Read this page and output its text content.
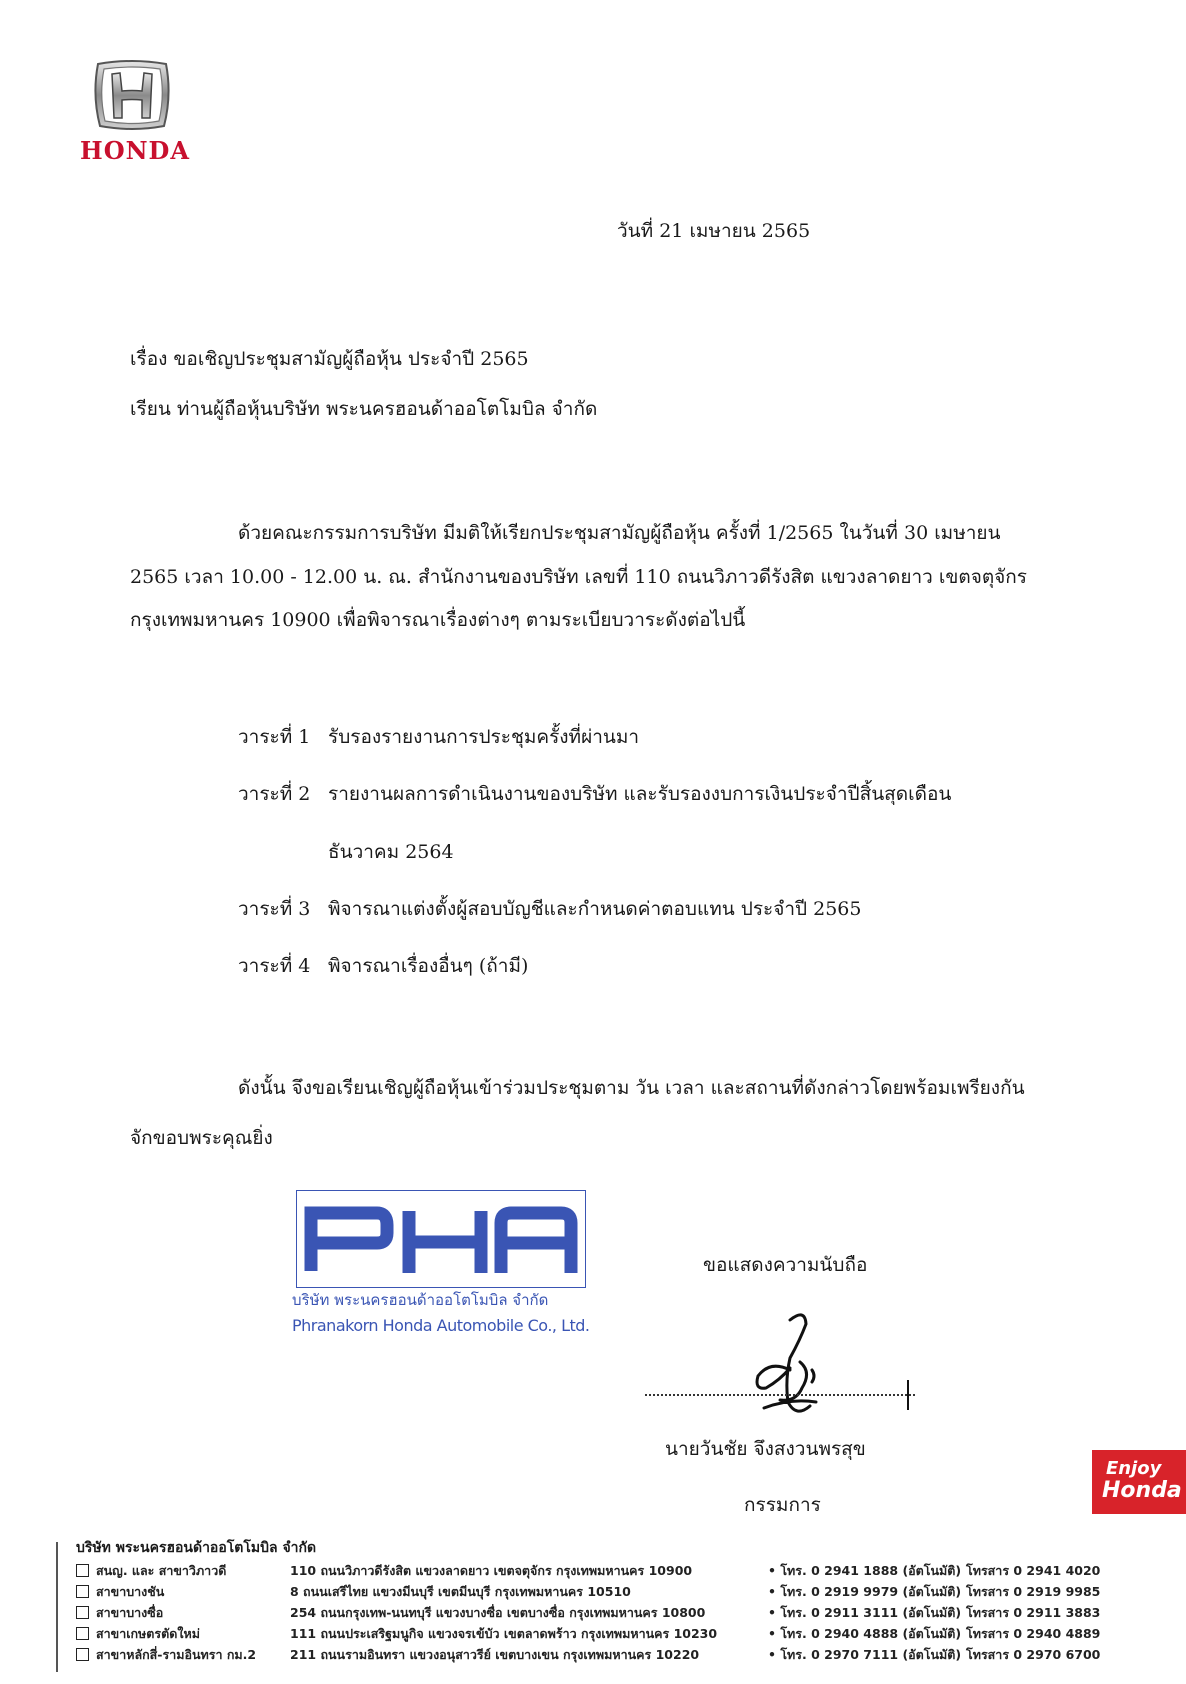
HONDA
วันที่ 21 เมษายน 2565
เรื่อง ขอเชิญประชุมสามัญผู้ถือหุ้น ประจำปี 2565
เรียน ท่านผู้ถือหุ้นบริษัท พระนครฮอนด้าออโตโมบิล จำกัด
ด้วยคณะกรรมการบริษัท มีมติให้เรียกประชุมสามัญผู้ถือหุ้น ครั้งที่ 1/2565 ในวันที่ 30 เมษายน
2565 เวลา 10.00 - 12.00 น. ณ. สำนักงานของบริษัท เลขที่ 110 ถนนวิภาวดีรังสิต แขวงลาดยาว เขตจตุจักร
กรุงเทพมหานคร 10900 เพื่อพิจารณาเรื่องต่างๆ ตามระเบียบวาระดังต่อไปนี้
วาระที่ 1 รับรองรายงานการประชุมครั้งที่ผ่านมา
วาระที่ 2 รายงานผลการดำเนินงานของบริษัท และรับรองงบการเงินประจำปีสิ้นสุดเดือน
ธันวาคม 2564
วาระที่ 3 พิจารณาแต่งตั้งผู้สอบบัญชีและกำหนดค่าตอบแทน ประจำปี 2565
วาระที่ 4 พิจารณาเรื่องอื่นๆ (ถ้ามี)
ดังนั้น จึงขอเรียนเชิญผู้ถือหุ้นเข้าร่วมประชุมตาม วัน เวลา และสถานที่ดังกล่าวโดยพร้อมเพรียงกัน
จักขอบพระคุณยิ่ง
บริษัท พระนครฮอนด้าออโตโมบิล จำกัด
Phranakorn Honda Automobile Co., Ltd.
ขอแสดงความนับถือ
นายวันชัย จึงสงวนพรสุข
กรรมการ
Enjoy
Honda
บริษัท พระนครฮอนด้าออโตโมบิล จำกัด
สนญ. และ สาขาวิภาวดี	110 ถนนวิภาวดีรังสิต แขวงลาดยาว เขตจตุจักร กรุงเทพมหานคร 10900	• โทร. 0 2941 1888 (อัตโนมัติ) โทรสาร 0 2941 4020
สาขาบางชัน	8 ถนนเสรีไทย แขวงมีนบุรี เขตมีนบุรี กรุงเทพมหานคร 10510	• โทร. 0 2919 9979 (อัตโนมัติ) โทรสาร 0 2919 9985
สาขาบางซื่อ	254 ถนนกรุงเทพ-นนทบุรี แขวงบางซื่อ เขตบางซื่อ กรุงเทพมหานคร 10800	• โทร. 0 2911 3111 (อัตโนมัติ) โทรสาร 0 2911 3883
สาขาเกษตรตัดใหม่	111 ถนนประเสริฐมนูกิจ แขวงจรเข้บัว เขตลาดพร้าว กรุงเทพมหานคร 10230	• โทร. 0 2940 4888 (อัตโนมัติ) โทรสาร 0 2940 4889
สาขาหลักสี่-รามอินทรา กม.2	211 ถนนรามอินทรา แขวงอนุสาวรีย์ เขตบางเขน กรุงเทพมหานคร 10220	• โทร. 0 2970 7111 (อัตโนมัติ) โทรสาร 0 2970 6700
